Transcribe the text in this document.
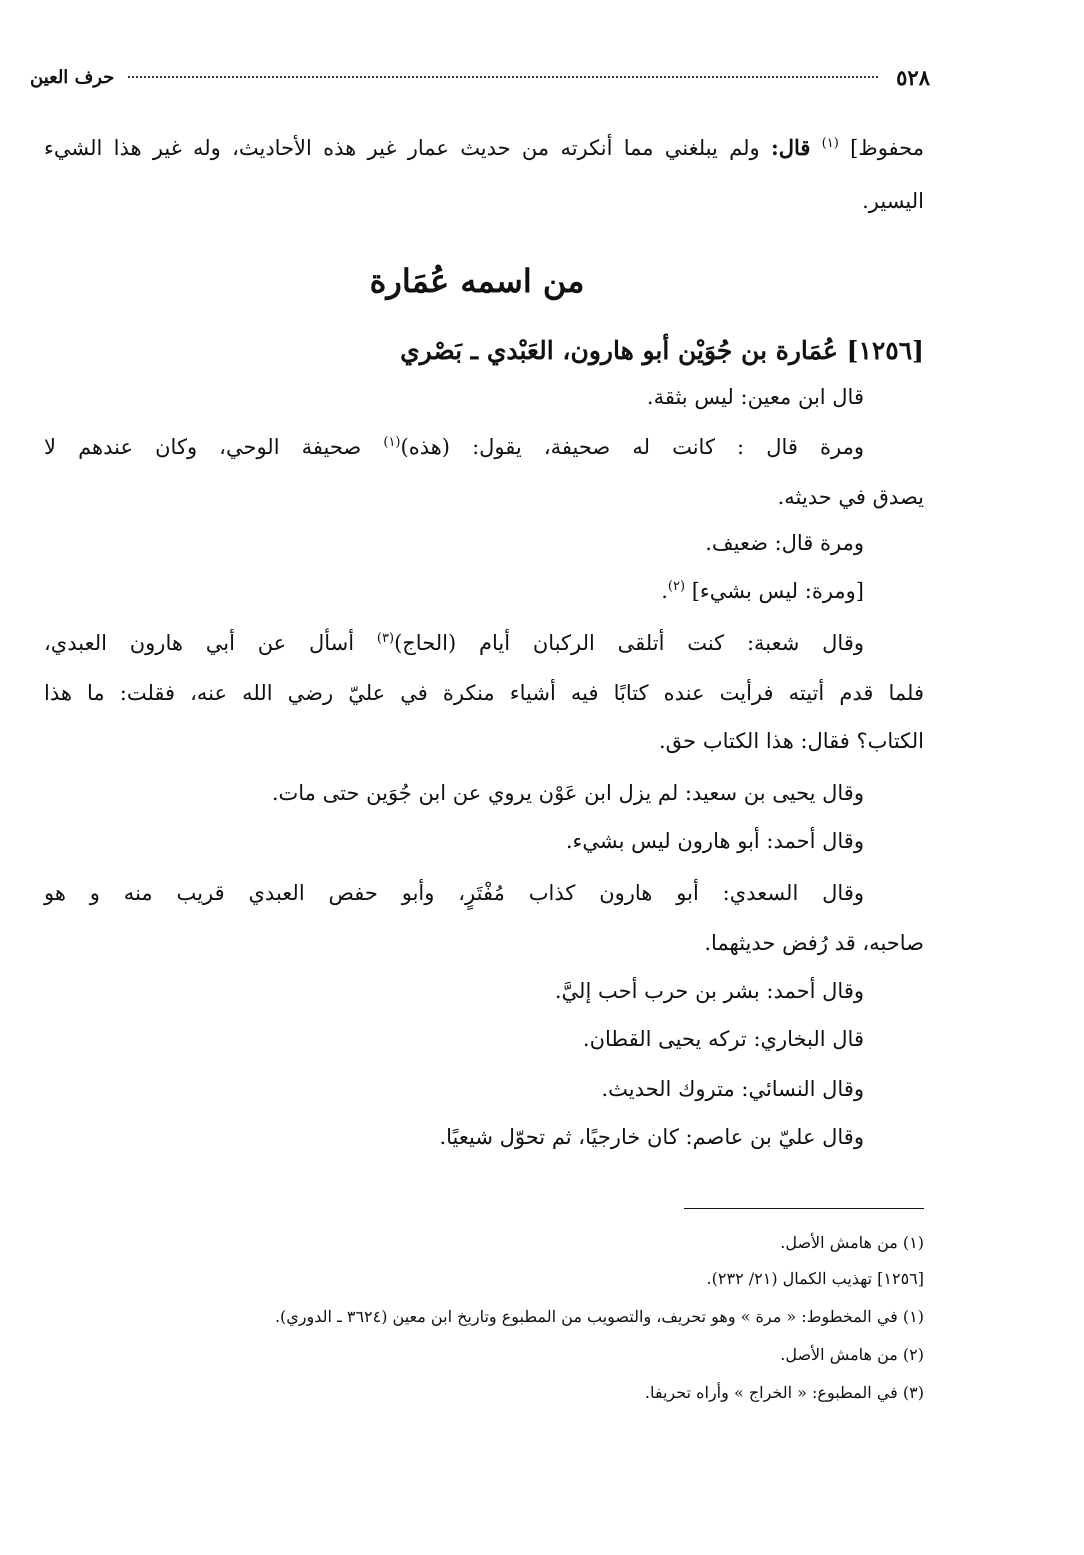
٥٢٨
حرف العين
محفوظ] $^{(١)}$ قال: ولم يبلغني مما أنكرته من حديث عمار غير هذه الأحاديث، وله غير هذا الشيء
اليسير.
من اسمه عُمَارة
[١٢٥٦] عُمَارة بن جُوَيْن أبو هارون، العَبْدي ـ بَصْري
قال ابن معين: ليس بثقة.
ومرة قال : كانت له صحيفة، يقول: (هذه)$^{(١)}$ صحيفة الوحي، وكان عندهم لا
يصدق في حديثه.
ومرة قال: ضعيف.
[ومرة: ليس بشيء] $^{(٢)}$.
وقال شعبة: كنت أتلقى الركبان أيام (الحاج)$^{(٣)}$ أسأل عن أبي هارون العبدي،
فلما قدم أتيته فرأيت عنده كتابًا فيه أشياء منكرة في عليّ رضي الله عنه، فقلت: ما هذا
الكتاب؟ فقال: هذا الكتاب حق.
وقال يحيى بن سعيد: لم يزل ابن عَوْن يروي عن ابن جُوَين حتى مات.
وقال أحمد: أبو هارون ليس بشيء.
وقال السعدي: أبو هارون كذاب مُفْتَرٍ، وأبو حفص العبدي قريب منه و هو
صاحبه، قد رُفض حديثهما.
وقال أحمد: بشر بن حرب أحب إليَّ.
قال البخاري: تركه يحيى القطان.
وقال النسائي: متروك الحديث.
وقال عليّ بن عاصم: كان خارجيًا، ثم تحوّل شيعيًا.
(١) من هامش الأصل.
[١٢٥٦] تهذيب الكمال (٢١/ ٢٣٢).
(١) في المخطوط: « مرة » وهو تحريف، والتصويب من المطبوع وتاريخ ابن معين (٣٦٢٤ ـ الدوري).
(٢) من هامش الأصل.
(٣) في المطبوع: « الخراج » وأراه تحريفا.
